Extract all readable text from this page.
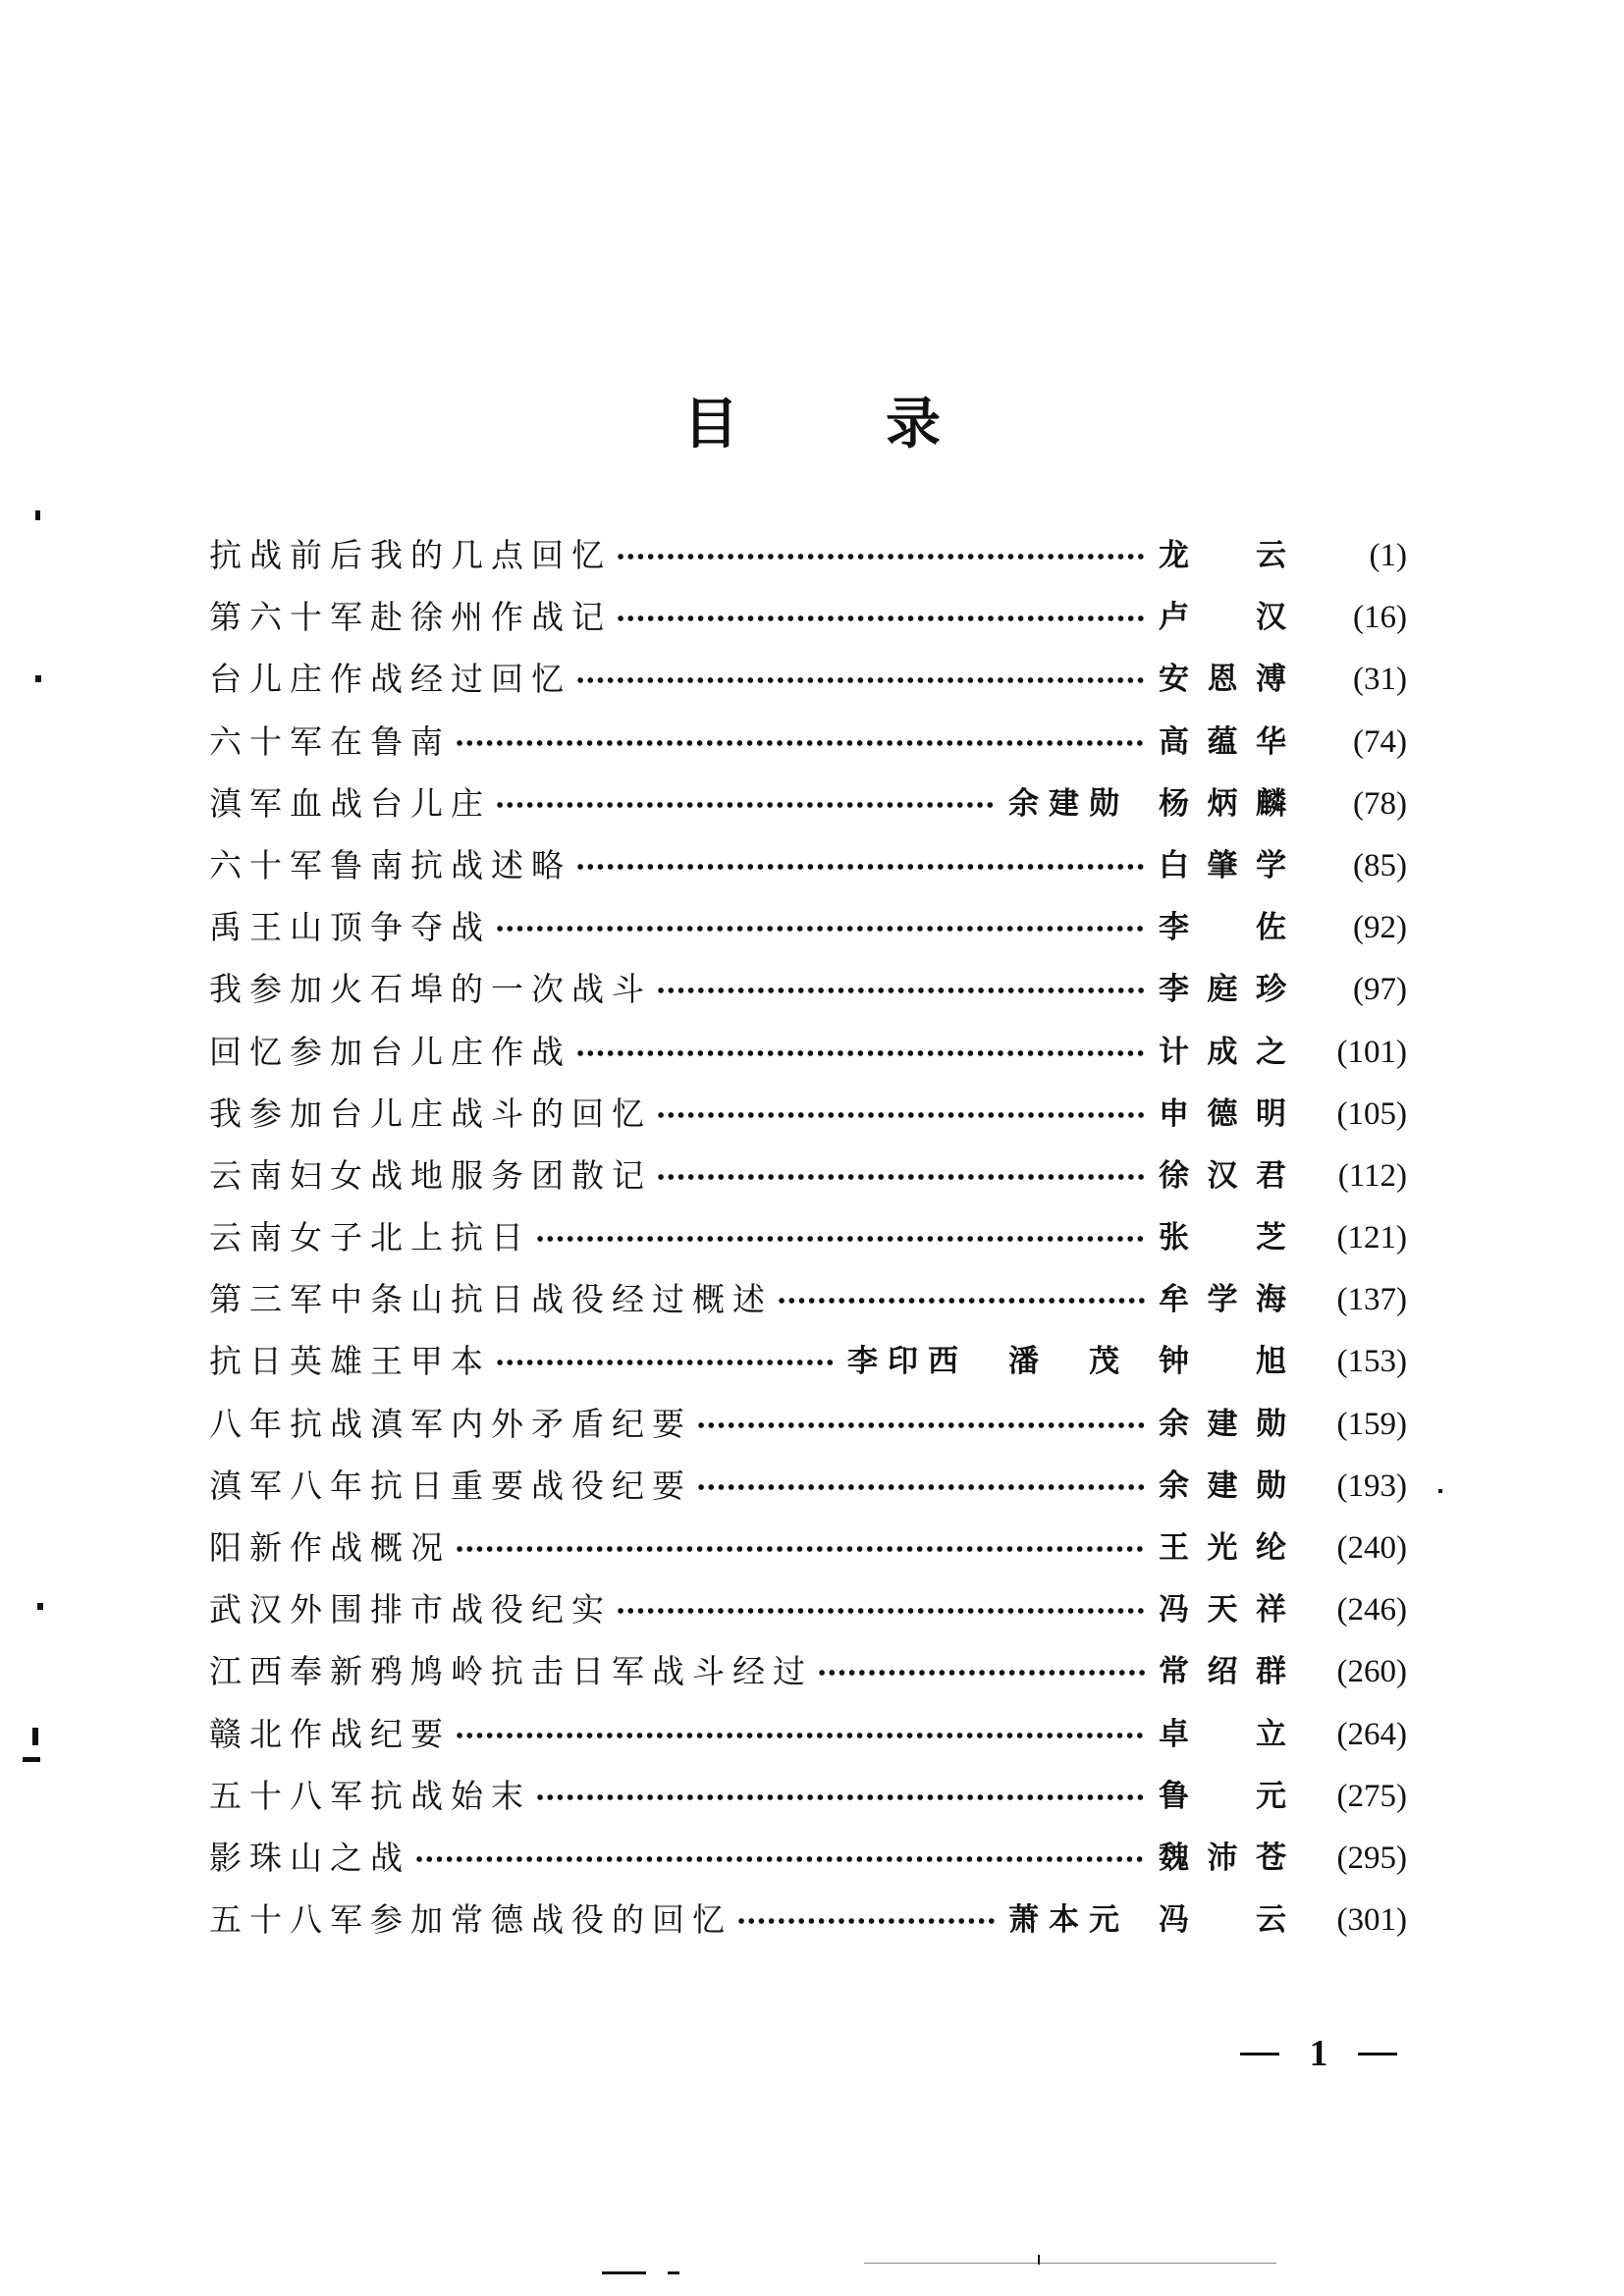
目	录
抗战前后我的几点回忆	龙 云	(1)
第六十军赴徐州作战记	卢 汉 (16)
台儿庄作战经过回忆	安 恩 溥 (31)
六十军在鲁南	高 蕴 华 (74)
滇军血战台儿庄	余建勋 杨 炳 麟 (78)
六十军鲁南抗战述略	白 肇 学 (85)
禹王山顶争夺战	李 佐 (92)
我参加火石埠的一次战斗	李 庭 珍 (97)
回忆参加台儿庄作战	计 成 之 (101)
我参加台儿庄战斗的回忆	申 德 明 (105)
云南妇女战地服务团散记	徐 汉 君 (112)
云南女子北上抗日	张 芝 (121)
第三军中条山抗日战役经过概述	牟 学 海 (137)
抗日英雄王甲本	李印西　潘　茂 钟 旭 (153)
八年抗战滇军内外矛盾纪要	余 建 勋 (159)
滇军八年抗日重要战役纪要	余 建 勋 (193)
阳新作战概况	王 光 纶 (240)
武汉外围排市战役纪实	冯 天 祥 (246)
江西奉新鸦鸠岭抗击日军战斗经过	常 绍 群 (260)
赣北作战纪要	卓 立 (264)
五十八军抗战始末	鲁 元 (275)
影珠山之战	魏 沛 苍 (295)
五十八军参加常德战役的回忆	萧本元 冯 云 (301)
1
